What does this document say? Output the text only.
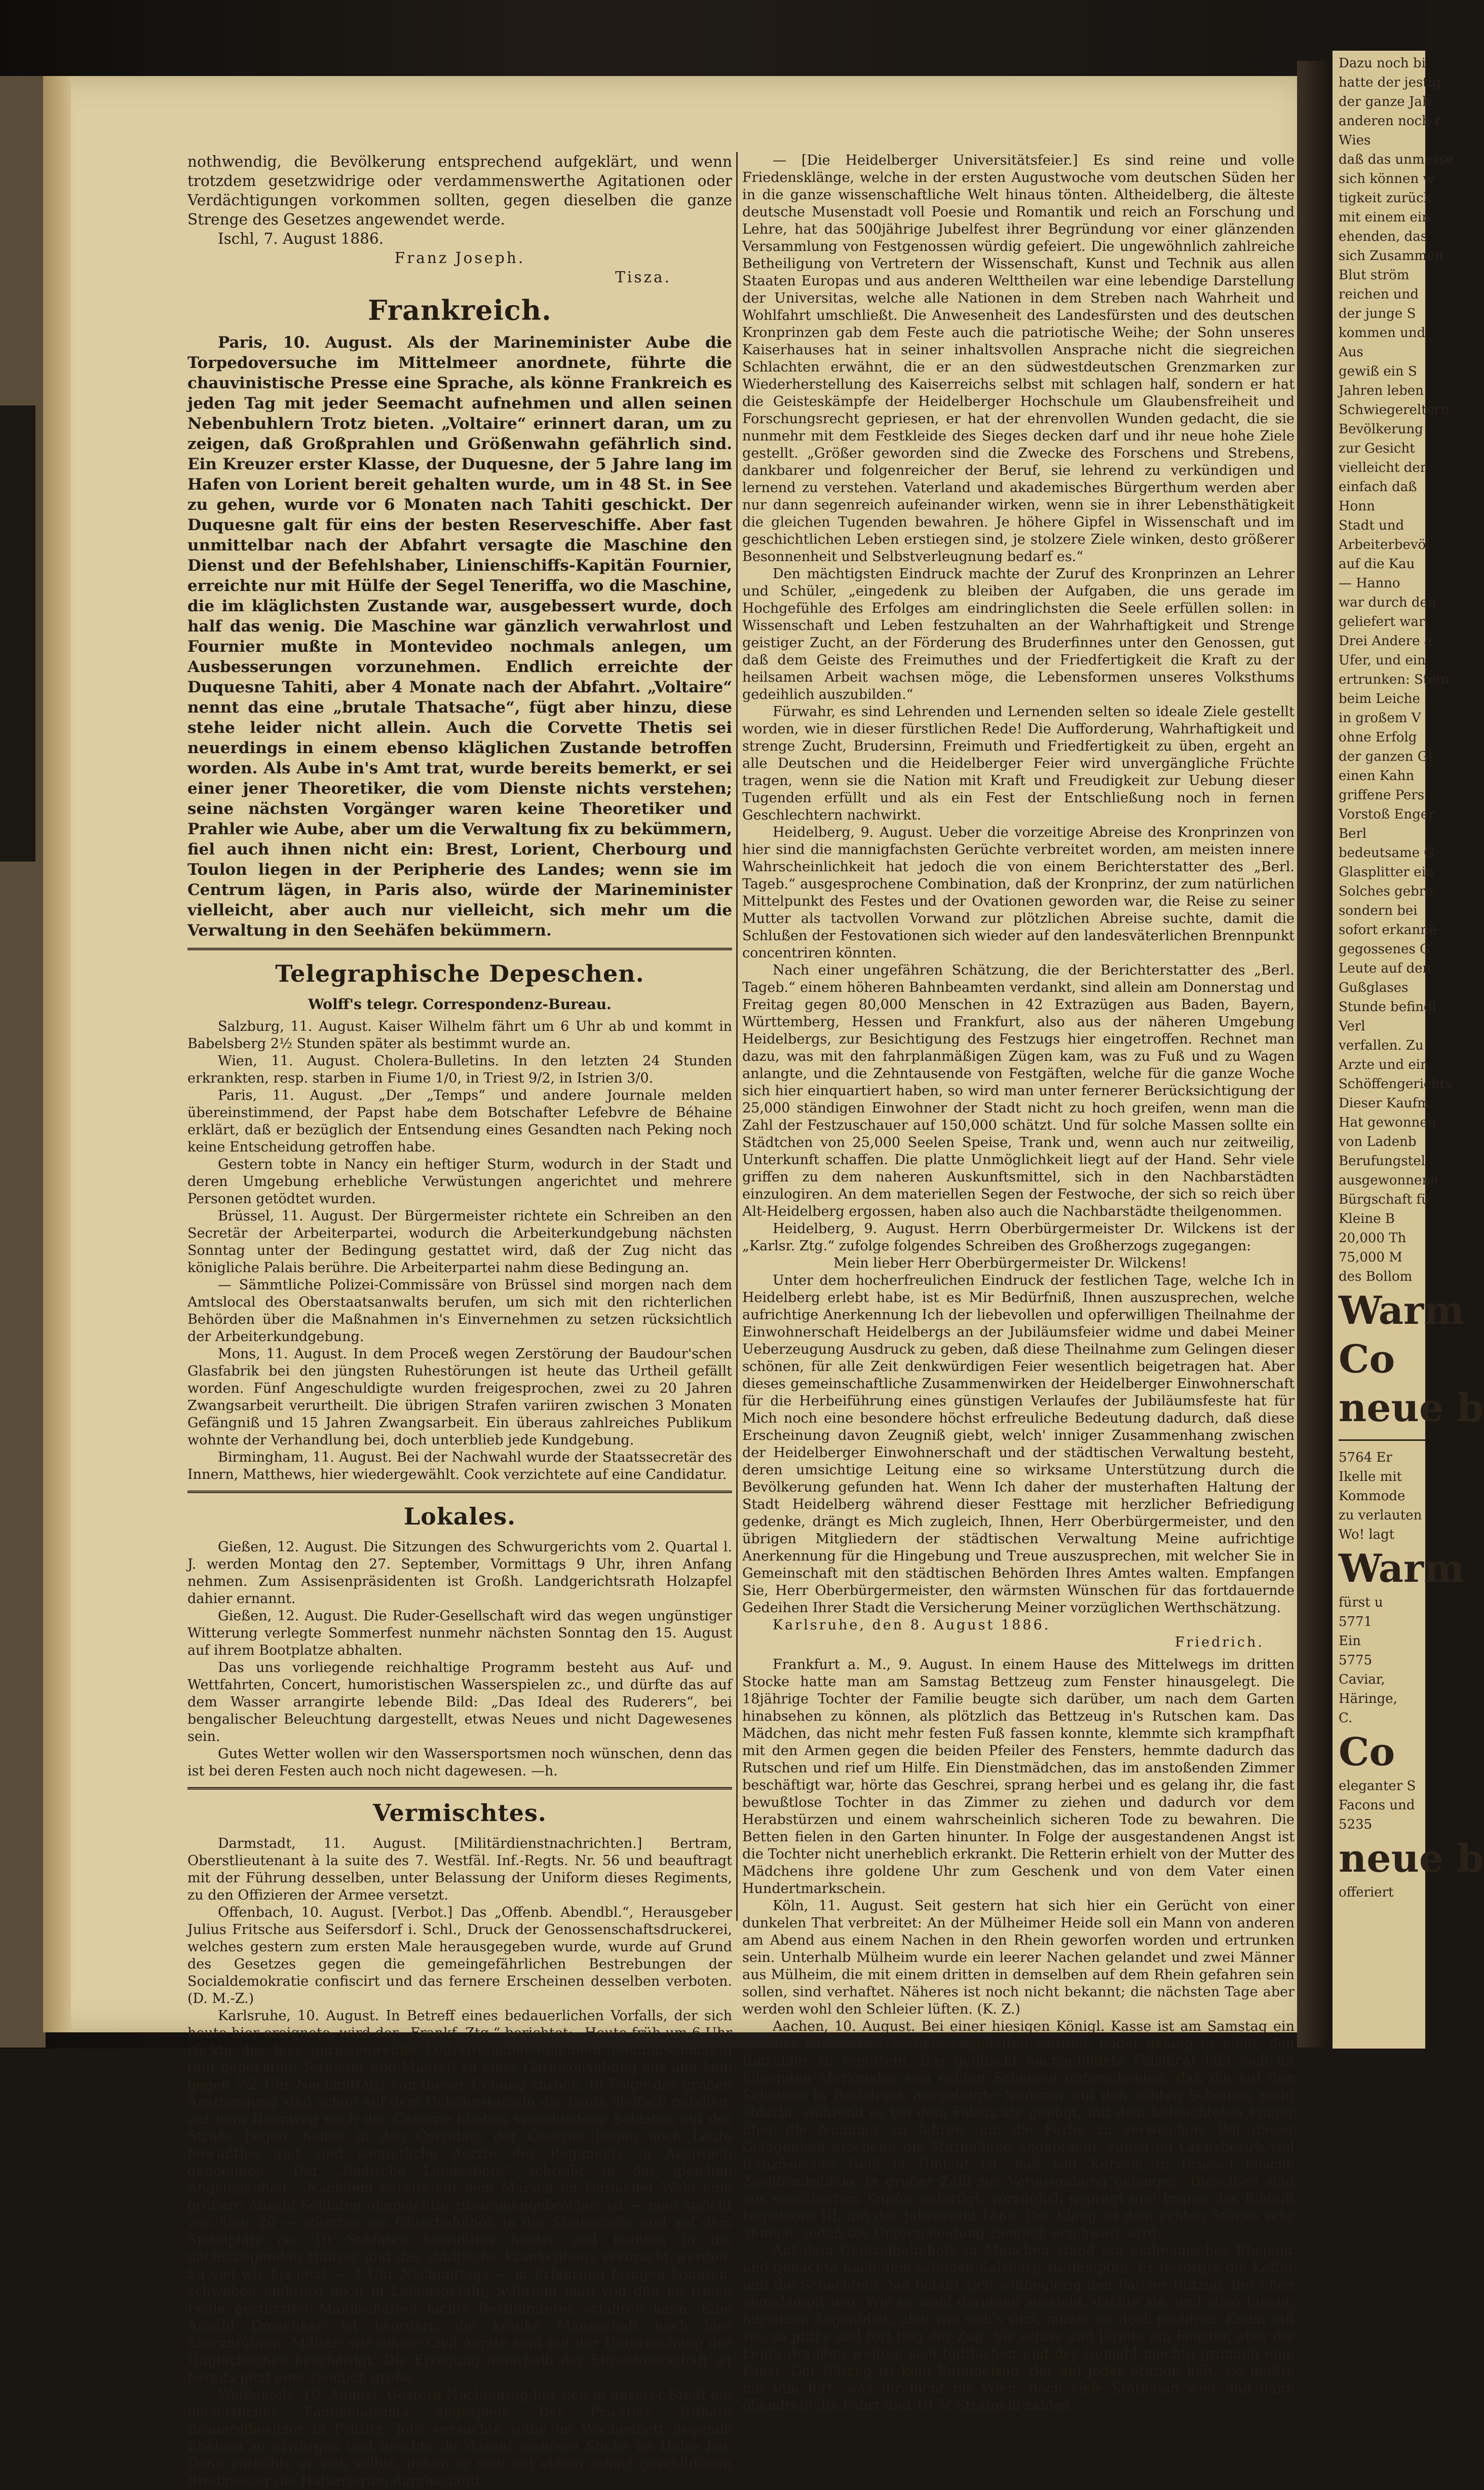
Dazu noch bi
hatte der jestig
der ganze Jah
anderen noch r
Wies
daß das unmesse
sich können w
tigkeit zurück
mit einem ein
ehenden, das
sich Zusammen
Blut ström
reichen und
der junge S
kommen und
Aus
gewiß ein S
Jahren leben
Schwiegereltern
Bevölkerung
zur Gesicht
vielleicht der
einfach daß
Honn
Stadt und
Arbeiterbevöl
auf die Kau
— Hanno
war durch den
geliefert war
Drei Andere a
Ufer, und ein
ertrunken: Stein
beim Leiche
in großem V
ohne Erfolg
der ganzen Gl
einen Kahn
griffene Pers
Vorstoß Enger
Berl
bedeutsame G
Glasplitter ein
Solches gebro
sondern bei
sofort erkanne
gegossenes G
Leute auf den
Gußglases
Stunde befindl
Verl
verfallen. Zu
Arzte und ein
Schöffengerichts
Dieser Kaufm
Hat gewonnen
von Ladenb
Berufungstel
ausgewonnene
Bürgschaft fü
Kleine B
20,000 Th
75,000 M
des Bollom
Warm
Co
neue b
5764 Er
Ikelle mit
Kommode
zu verlauten
Wo! lagt
Warm
fürst u
5771
Ein
5775
Caviar,
Häringe,
C.
Co
eleganter S
Facons und
5235
neue b
offeriert

nothwendig, die Bevölkerung entsprechend aufgeklärt, und wenn trotzdem gesetzwidrige oder verdammenswerthe Agitationen oder Verdächtigungen vorkommen sollten, gegen dieselben die ganze Strenge des Gesetzes angewendet werde.

Ischl, 7. August 1886.

Franz Joseph.

Tisza.

Frankreich.

Paris, 10. August. Als der Marineminister Aube die Torpedoversuche im Mittelmeer anordnete, führte die chauvinistische Presse eine Sprache, als könne Frankreich es jeden Tag mit jeder Seemacht aufnehmen und allen seinen Nebenbuhlern Trotz bieten. „Voltaire“ erinnert daran, um zu zeigen, daß Großprahlen und Größenwahn gefährlich sind. Ein Kreuzer erster Klasse, der Duquesne, der 5 Jahre lang im Hafen von Lorient bereit gehalten wurde, um in 48 St. in See zu gehen, wurde vor 6 Monaten nach Tahiti geschickt. Der Duquesne galt für eins der besten Reserveschiffe. Aber fast unmittelbar nach der Abfahrt versagte die Maschine den Dienst und der Befehlshaber, Linienschiffs-Kapitän Fournier, erreichte nur mit Hülfe der Segel Teneriffa, wo die Maschine, die im kläglichsten Zustande war, ausgebessert wurde, doch half das wenig. Die Maschine war gänzlich verwahrlost und Fournier mußte in Montevideo nochmals anlegen, um Ausbesserungen vorzunehmen. Endlich erreichte der Duquesne Tahiti, aber 4 Monate nach der Abfahrt. „Voltaire“ nennt das eine „brutale Thatsache“, fügt aber hinzu, diese stehe leider nicht allein. Auch die Corvette Thetis sei neuerdings in einem ebenso kläglichen Zustande betroffen worden. Als Aube in's Amt trat, wurde bereits bemerkt, er sei einer jener Theoretiker, die vom Dienste nichts verstehen; seine nächsten Vorgänger waren keine Theoretiker und Prahler wie Aube, aber um die Verwaltung fix zu bekümmern, fiel auch ihnen nicht ein: Brest, Lorient, Cherbourg und Toulon liegen in der Peripherie des Landes; wenn sie im Centrum lägen, in Paris also, würde der Marineminister vielleicht, aber auch nur vielleicht, sich mehr um die Verwaltung in den Seehäfen bekümmern.

Telegraphische Depeschen.
Wolff's telegr. Correspondenz-Bureau.

Salzburg, 11. August. Kaiser Wilhelm fährt um 6 Uhr ab und kommt in Babelsberg 2½ Stunden später als bestimmt wurde an.

Wien, 11. August. Cholera-Bulletins. In den letzten 24 Stunden erkrankten, resp. starben in Fiume 1/0, in Triest 9/2, in Istrien 3/0.

Paris, 11. August. „Der „Temps“ und andere Journale melden übereinstimmend, der Papst habe dem Botschafter Lefebvre de Béhaine erklärt, daß er bezüglich der Entsendung eines Gesandten nach Peking noch keine Entscheidung getroffen habe.

Gestern tobte in Nancy ein heftiger Sturm, wodurch in der Stadt und deren Umgebung erhebliche Verwüstungen angerichtet und mehrere Personen getödtet wurden.

Brüssel, 11. August. Der Bürgermeister richtete ein Schreiben an den Secretär der Arbeiterpartei, wodurch die Arbeiterkundgebung nächsten Sonntag unter der Bedingung gestattet wird, daß der Zug nicht das königliche Palais berühre. Die Arbeiterpartei nahm diese Bedingung an.

— Sämmtliche Polizei-Commissäre von Brüssel sind morgen nach dem Amtslocal des Oberstaatsanwalts berufen, um sich mit den richterlichen Behörden über die Maßnahmen in's Einvernehmen zu setzen rücksichtlich der Arbeiterkundgebung.

Mons, 11. August. In dem Proceß wegen Zerstörung der Baudour'schen Glasfabrik bei den jüngsten Ruhestörungen ist heute das Urtheil gefällt worden. Fünf Angeschuldigte wurden freigesprochen, zwei zu 20 Jahren Zwangsarbeit verurtheilt. Die übrigen Strafen variiren zwischen 3 Monaten Gefängniß und 15 Jahren Zwangsarbeit. Ein überaus zahlreiches Publikum wohnte der Verhandlung bei, doch unterblieb jede Kundgebung.

Birmingham, 11. August. Bei der Nachwahl wurde der Staatssecretär des Innern, Matthews, hier wiedergewählt. Cook verzichtete auf eine Candidatur.

Lokales.

Gießen, 12. August. Die Sitzungen des Schwurgerichts vom 2. Quartal l. J. werden Montag den 27. September, Vormittags 9 Uhr, ihren Anfang nehmen. Zum Assisenpräsidenten ist Großh. Landgerichtsrath Holzapfel dahier ernannt.

Gießen, 12. August. Die Ruder-Gesellschaft wird das wegen ungünstiger Witterung verlegte Sommerfest nunmehr nächsten Sonntag den 15. August auf ihrem Bootplatze abhalten.

Das uns vorliegende reichhaltige Programm besteht aus Auf- und Wettfahrten, Concert, humoristischen Wasserspielen zc., und dürfte das auf dem Wasser arrangirte lebende Bild: „Das Ideal des Ruderers“, bei bengalischer Beleuchtung dargestellt, etwas Neues und nicht Dagewesenes sein.

Gutes Wetter wollen wir den Wassersportsmen noch wünschen, denn das ist bei deren Festen auch noch nicht dagewesen. —h.

Vermischtes.

Darmstadt, 11. August. [Militärdienstnachrichten.] Bertram, Oberstlieutenant à la suite des 7. Westfäl. Inf.-Regts. Nr. 56 und beauftragt mit der Führung desselben, unter Belassung der Uniform dieses Regiments, zu den Offizieren der Armee versetzt.

Offenbach, 10. August. [Verbot.] Das „Offenb. Abendbl.“, Herausgeber Julius Fritsche aus Seifersdorf i. Schl., Druck der Genossenschaftsdruckerei, welches gestern zum ersten Male herausgegeben wurde, wurde auf Grund des Gesetzes gegen die gemeingefährlichen Bestrebungen der Socialdemokratie confiscirt und das fernere Erscheinen desselben verboten. (D. M.-Z.)

Karlsruhe, 10. August. In Betreff eines bedauerlichen Vorfalls, der sich heute hier ereignete, wird der „Frankf. Ztg.“ berichtet: „Heute früh um 6 Uhr rückte das hier garnisonirende Leib-Grenadier-Regiment feldmarschmäßig (mit gepacktem Tornister und Mantel) zu einer Garnisonsübung aus und kam gegen ½2 Uhr Nachmittags von dieser Uebung zurück. In Folge der großen Anstrengung sind schon auf dem Uebungsterrain die Leute vielfach gefallen, auf dem Heimweg nach der Caserne blieben verschiedene Soldaten auf der Straße liegen. Selbst in den Corridors der Caserne liegen noch Leute bewußtlos und sind sämmtliche Aerzte des Regiments in Anspruch genommen.“ Der „Badische Landesbote“ schreibt in der gleichen Angelegenheit: „Nachdem bereits auf dem Marsch im Durlacher Wald eine größere Anzahl Soldaten ohnmächtig zusammengebrochen ist — man spricht von über 20 — stürzten am Güterbahnhof, in der Steinstraße und auf dem Spitalplatz ca. 10 Soldaten bewußtlos nieder und mußten in die nächstliegenden Häuser und das städtische Krankenhaus verbracht werden. So viel wir bis jetzt — 3 Uhr Nachmittags — in Erfahrung bringen konnten, schweben mehrere noch in Lebensgefahr, während man von den im freien Felde gestürzten Mannschaften nichts Bestimmteres erfahren kann. Eine Anzahl Droschken ist beordert, die kranke Mannschaft nach hier überzuführen. Militär- wie einige Civil-Aerzte sind mit der Untersuchung der Unglücklichen beschäftigt. Die Erregung innerhalb der Einwohnerschaft ist bereits jetzt eine ziemlich große.

Weißenfels, 10. August. Gestern Nachmittag hat sich in unserer Stadt ein entsetzliches Familiendrama abgespielt. Der Privatier, frühere Brauereibesitzer in Prittitz, Jehr versuchte seine im Wochenbett liegende Ehefrau zu erwürgen und brachte ihr darauf mehrere Stiche im Halse bei. Dann entleibte er sich selbst, indem er sich mit einem scharf geschliffenen Brodmesser die Halsarterien durchschnitt.

— [Die Heidelberger Universitätsfeier.] Es sind reine und volle Friedensklänge, welche in der ersten Augustwoche vom deutschen Süden her in die ganze wissenschaftliche Welt hinaus tönten. Altheidelberg, die älteste deutsche Musenstadt voll Poesie und Romantik und reich an Forschung und Lehre, hat das 500jährige Jubelfest ihrer Begründung vor einer glänzenden Versammlung von Festgenossen würdig gefeiert. Die ungewöhnlich zahlreiche Betheiligung von Vertretern der Wissenschaft, Kunst und Technik aus allen Staaten Europas und aus anderen Welttheilen war eine lebendige Darstellung der Universitas, welche alle Nationen in dem Streben nach Wahrheit und Wohlfahrt umschließt. Die Anwesenheit des Landesfürsten und des deutschen Kronprinzen gab dem Feste auch die patriotische Weihe; der Sohn unseres Kaiserhauses hat in seiner inhaltsvollen Ansprache nicht die siegreichen Schlachten erwähnt, die er an den südwestdeutschen Grenzmarken zur Wiederherstellung des Kaiserreichs selbst mit schlagen half, sondern er hat die Geisteskämpfe der Heidelberger Hochschule um Glaubensfreiheit und Forschungsrecht gepriesen, er hat der ehrenvollen Wunden gedacht, die sie nunmehr mit dem Festkleide des Sieges decken darf und ihr neue hohe Ziele gestellt. „Größer geworden sind die Zwecke des Forschens und Strebens, dankbarer und folgenreicher der Beruf, sie lehrend zu verkündigen und lernend zu verstehen. Vaterland und akademisches Bürgerthum werden aber nur dann segenreich aufeinander wirken, wenn sie in ihrer Lebensthätigkeit die gleichen Tugenden bewahren. Je höhere Gipfel in Wissenschaft und im geschichtlichen Leben erstiegen sind, je stolzere Ziele winken, desto größerer Besonnenheit und Selbstverleugnung bedarf es.“

Den mächtigsten Eindruck machte der Zuruf des Kronprinzen an Lehrer und Schüler, „eingedenk zu bleiben der Aufgaben, die uns gerade im Hochgefühle des Erfolges am eindringlichsten die Seele erfüllen sollen: in Wissenschaft und Leben festzuhalten an der Wahrhaftigkeit und Strenge geistiger Zucht, an der Förderung des Bruderfinnes unter den Genossen, gut daß dem Geiste des Freimuthes und der Friedfertigkeit die Kraft zu der heilsamen Arbeit wachsen möge, die Lebensformen unseres Volksthums gedeihlich auszubilden.“

Fürwahr, es sind Lehrenden und Lernenden selten so ideale Ziele gestellt worden, wie in dieser fürstlichen Rede! Die Aufforderung, Wahrhaftigkeit und strenge Zucht, Brudersinn, Freimuth und Friedfertigkeit zu üben, ergeht an alle Deutschen und die Heidelberger Feier wird unvergängliche Früchte tragen, wenn sie die Nation mit Kraft und Freudigkeit zur Uebung dieser Tugenden erfüllt und als ein Fest der Entschließung noch in fernen Geschlechtern nachwirkt.

Heidelberg, 9. August. Ueber die vorzeitige Abreise des Kronprinzen von hier sind die mannigfachsten Gerüchte verbreitet worden, am meisten innere Wahrscheinlichkeit hat jedoch die von einem Berichterstatter des „Berl. Tageb.“ ausgesprochene Combination, daß der Kronprinz, der zum natürlichen Mittelpunkt des Festes und der Ovationen geworden war, die Reise zu seiner Mutter als tactvollen Vorwand zur plötzlichen Abreise suchte, damit die Schlußen der Festovationen sich wieder auf den landesväterlichen Brennpunkt concentriren könnten.

Nach einer ungefähren Schätzung, die der Berichterstatter des „Berl. Tageb.“ einem höheren Bahnbeamten verdankt, sind allein am Donnerstag und Freitag gegen 80,000 Menschen in 42 Extrazügen aus Baden, Bayern, Württemberg, Hessen und Frankfurt, also aus der näheren Umgebung Heidelbergs, zur Besichtigung des Festzugs hier eingetroffen. Rechnet man dazu, was mit den fahrplanmäßigen Zügen kam, was zu Fuß und zu Wagen anlangte, und die Zehntausende von Festgäften, welche für die ganze Woche sich hier einquartiert haben, so wird man unter fernerer Berücksichtigung der 25,000 ständigen Einwohner der Stadt nicht zu hoch greifen, wenn man die Zahl der Festzuschauer auf 150,000 schätzt. Und für solche Massen sollte ein Städtchen von 25,000 Seelen Speise, Trank und, wenn auch nur zeitweilig, Unterkunft schaffen. Die platte Unmöglichkeit liegt auf der Hand. Sehr viele griffen zu dem naheren Auskunftsmittel, sich in den Nachbarstädten einzulogiren. An dem materiellen Segen der Festwoche, der sich so reich über Alt-Heidelberg ergossen, haben also auch die Nachbarstädte theilgenommen.

Heidelberg, 9. August. Herrn Oberbürgermeister Dr. Wilckens ist der „Karlsr. Ztg.“ zufolge folgendes Schreiben des Großherzogs zugegangen:

Mein lieber Herr Oberbürgermeister Dr. Wilckens!

Unter dem hocherfreulichen Eindruck der festlichen Tage, welche Ich in Heidelberg erlebt habe, ist es Mir Bedürfniß, Ihnen auszusprechen, welche aufrichtige Anerkennung Ich der liebevollen und opferwilligen Theilnahme der Einwohnerschaft Heidelbergs an der Jubiläumsfeier widme und dabei Meiner Ueberzeugung Ausdruck zu geben, daß diese Theilnahme zum Gelingen dieser schönen, für alle Zeit denkwürdigen Feier wesentlich beigetragen hat. Aber dieses gemeinschaftliche Zusammenwirken der Heidelberger Einwohnerschaft für die Herbeiführung eines günstigen Verlaufes der Jubiläumsfeste hat für Mich noch eine besondere höchst erfreuliche Bedeutung dadurch, daß diese Erscheinung davon Zeugniß giebt, welch' inniger Zusammenhang zwischen der Heidelberger Einwohnerschaft und der städtischen Verwaltung besteht, deren umsichtige Leitung eine so wirksame Unterstützung durch die Bevölkerung gefunden hat. Wenn Ich daher der musterhaften Haltung der Stadt Heidelberg während dieser Festtage mit herzlicher Befriedigung gedenke, drängt es Mich zugleich, Ihnen, Herr Oberbürgermeister, und den übrigen Mitgliedern der städtischen Verwaltung Meine aufrichtige Anerkennung für die Hingebung und Treue auszusprechen, mit welcher Sie in Gemeinschaft mit den städtischen Behörden Ihres Amtes walten. Empfangen Sie, Herr Oberbürgermeister, den wärmsten Wünschen für das fortdauernde Gedeihen Ihrer Stadt die Versicherung Meiner vorzüglichen Werthschätzung.

Karlsruhe, den 8. August 1886.

Friedrich.

Frankfurt a. M., 9. August. In einem Hause des Mittelwegs im dritten Stocke hatte man am Samstag Bettzeug zum Fenster hinausgelegt. Die 18jährige Tochter der Familie beugte sich darüber, um nach dem Garten hinabsehen zu können, als plötzlich das Bettzeug in's Rutschen kam. Das Mädchen, das nicht mehr festen Fuß fassen konnte, klemmte sich krampfhaft mit den Armen gegen die beiden Pfeiler des Fensters, hemmte dadurch das Rutschen und rief um Hilfe. Ein Dienstmädchen, das im anstoßenden Zimmer beschäftigt war, hörte das Geschrei, sprang herbei und es gelang ihr, die fast bewußtlose Tochter in das Zimmer zu ziehen und dadurch vor dem Herabstürzen und einem wahrscheinlich sicheren Tode zu bewahren. Die Betten fielen in den Garten hinunter. In Folge der ausgestandenen Angst ist die Tochter nicht unerheblich erkrankt. Die Retterin erhielt von der Mutter des Mädchens ihre goldene Uhr zum Geschenk und von dem Vater einen Hundertmarkschein.

Köln, 11. August. Seit gestern hat sich hier ein Gerücht von einer dunkelen That verbreitet: An der Mülheimer Heide soll ein Mann von anderen am Abend aus einem Nachen in den Rhein geworfen worden und ertrunken sein. Unterhalb Mülheim wurde ein leerer Nachen gelandet und zwei Männer aus Mülheim, die mit einem dritten in demselben auf dem Rhein gefahren sein sollen, sind verhaftet. Näheres ist noch nicht bekannt; die nächsten Tage aber werden wohl den Schleier lüften. (K. Z.)

Aachen, 10. August. Bei einer hiesigen Königl. Kasse ist am Samstag ein falscher Hundertmarkschein angehalten worden; leider gelang es nicht, den Einzahler zu ermitteln. Das gefälscht nachgebildete Falsificat läßt sich an folgenden Merkmalen von echten Scheinen unterscheiden, daß die auf den Scheinen in Rothdruck ausgeführte Nummer auf den echten Scheinen nicht abfärbt, während es bei dem Falsificate genügt, mit dem befeuchteten Finger über die Nummer zu fahren, um die Farbe zu verwischen. Bei dieser Gelegenheit erscheint die Mittheilung angebracht, zumal im Grenzbezirk viel französisches Geld in Umlauf ist, daß seit Kurzem in Brüssel falsche Zweifrankstücke in großer Zahl zur Verausgabung gelangen. Dieselben sind aus versilbertem Kupfer gefertigt, vorzüglich geprägt und tragen das Bildniß Napoleons III. mit der Jahreszahl 1868. Der Klang ist dem echten Stücke sehr ähnlich, sodaß die Unterscheidung ziemlich erschwert wird.

Auf dem Centralbahnhofe in München stand ein einheimisches Ehepaar und gedachte nach dem schönen Salzburg zu dampfen. Er besorgte die Koffer und die Schachteln. Sie befaßt sich wißbegierig den Pariser Blitzug, der eben angedampft war. Wie es wohl darinnen aussieht, dachte sie, und stieg hinein; nur einen Augenblick, aber wie sich's sitzt, mußte sie doch probiren. Kaum saß sie, so pfiff's und fort flog der Zug. Sie schrie und lärmte am Fenster, aber die Leute draußen wollten sich todtlachen und der Gemahl machte grimmig eine Faust. Der Blitzug ist kein Bummelzug, der auf jeder Station hält; sie mußte mit ihm fort, was ihr nicht bis Wien, doch viele Stationen weit und dann obendrein die Fahrt und 10 ℳ Strafgeld zahlen.
